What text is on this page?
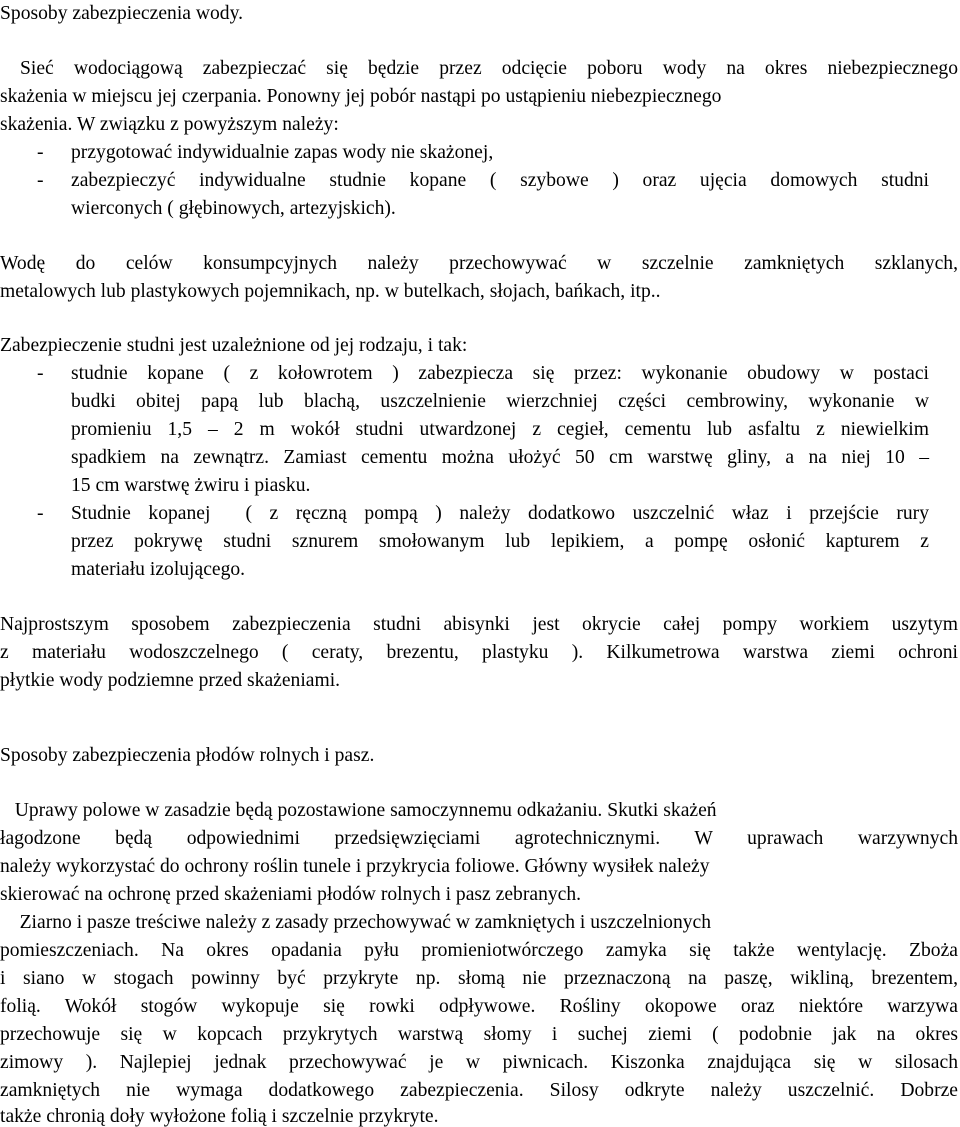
Sposoby zabezpieczenia wody.
Sieć wodociągową zabezpieczać się będzie przez odcięcie poboru wody na okres niebezpiecznego
skażenia w miejscu jej czerpania. Ponowny jej pobór nastąpi po ustąpieniu niebezpiecznego
skażenia. W związku z powyższym należy:
- przygotować indywidualnie zapas wody nie skażonej,
- zabezpieczyć indywidualne studnie kopane ( szybowe ) oraz ujęcia domowych studni
wierconych ( głębinowych, artezyjskich).
Wodę do celów konsumpcyjnych należy przechowywać w szczelnie zamkniętych szklanych,
metalowych lub plastykowych pojemnikach, np. w butelkach, słojach, bańkach, itp..
Zabezpieczenie studni jest uzależnione od jej rodzaju, i tak:
- studnie kopane ( z kołowrotem ) zabezpiecza się przez: wykonanie obudowy w postaci
budki obitej papą lub blachą, uszczelnienie wierzchniej części cembrowiny, wykonanie w
promieniu 1,5 – 2 m wokół studni utwardzonej z cegieł, cementu lub asfaltu z niewielkim
spadkiem na zewnątrz. Zamiast cementu można ułożyć 50 cm warstwę gliny, a na niej 10 –
15 cm warstwę żwiru i piasku.
- Studnie kopanej  ( z ręczną pompą ) należy dodatkowo uszczelnić właz i przejście rury
przez pokrywę studni sznurem smołowanym lub lepikiem, a pompę osłonić kapturem z
materiału izolującego.
Najprostszym sposobem zabezpieczenia studni abisynki jest okrycie całej pompy workiem uszytym
z materiału wodoszczelnego ( ceraty, brezentu, plastyku ). Kilkumetrowa warstwa ziemi ochroni
płytkie wody podziemne przed skażeniami.
Sposoby zabezpieczenia płodów rolnych i pasz.
Uprawy polowe w zasadzie będą pozostawione samoczynnemu odkażaniu. Skutki skażeń
łagodzone będą odpowiednimi przedsięwzięciami agrotechnicznymi. W uprawach warzywnych
należy wykorzystać do ochrony roślin tunele i przykrycia foliowe. Główny wysiłek należy
skierować na ochronę przed skażeniami płodów rolnych i pasz zebranych.
Ziarno i pasze treściwe należy z zasady przechowywać w zamkniętych i uszczelnionych
pomieszczeniach. Na okres opadania pyłu promieniotwórczego zamyka się także wentylację. Zboża
i siano w stogach powinny być przykryte np. słomą nie przeznaczoną na paszę, wikliną, brezentem,
folią. Wokół stogów wykopuje się rowki odpływowe. Rośliny okopowe oraz niektóre warzywa
przechowuje się w kopcach przykrytych warstwą słomy i suchej ziemi ( podobnie jak na okres
zimowy ). Najlepiej jednak przechowywać je w piwnicach. Kiszonka znajdująca się w silosach
zamkniętych nie wymaga dodatkowego zabezpieczenia. Silosy odkryte należy uszczelnić. Dobrze
także chronią doły wyłożone folią i szczelnie przykryte.
